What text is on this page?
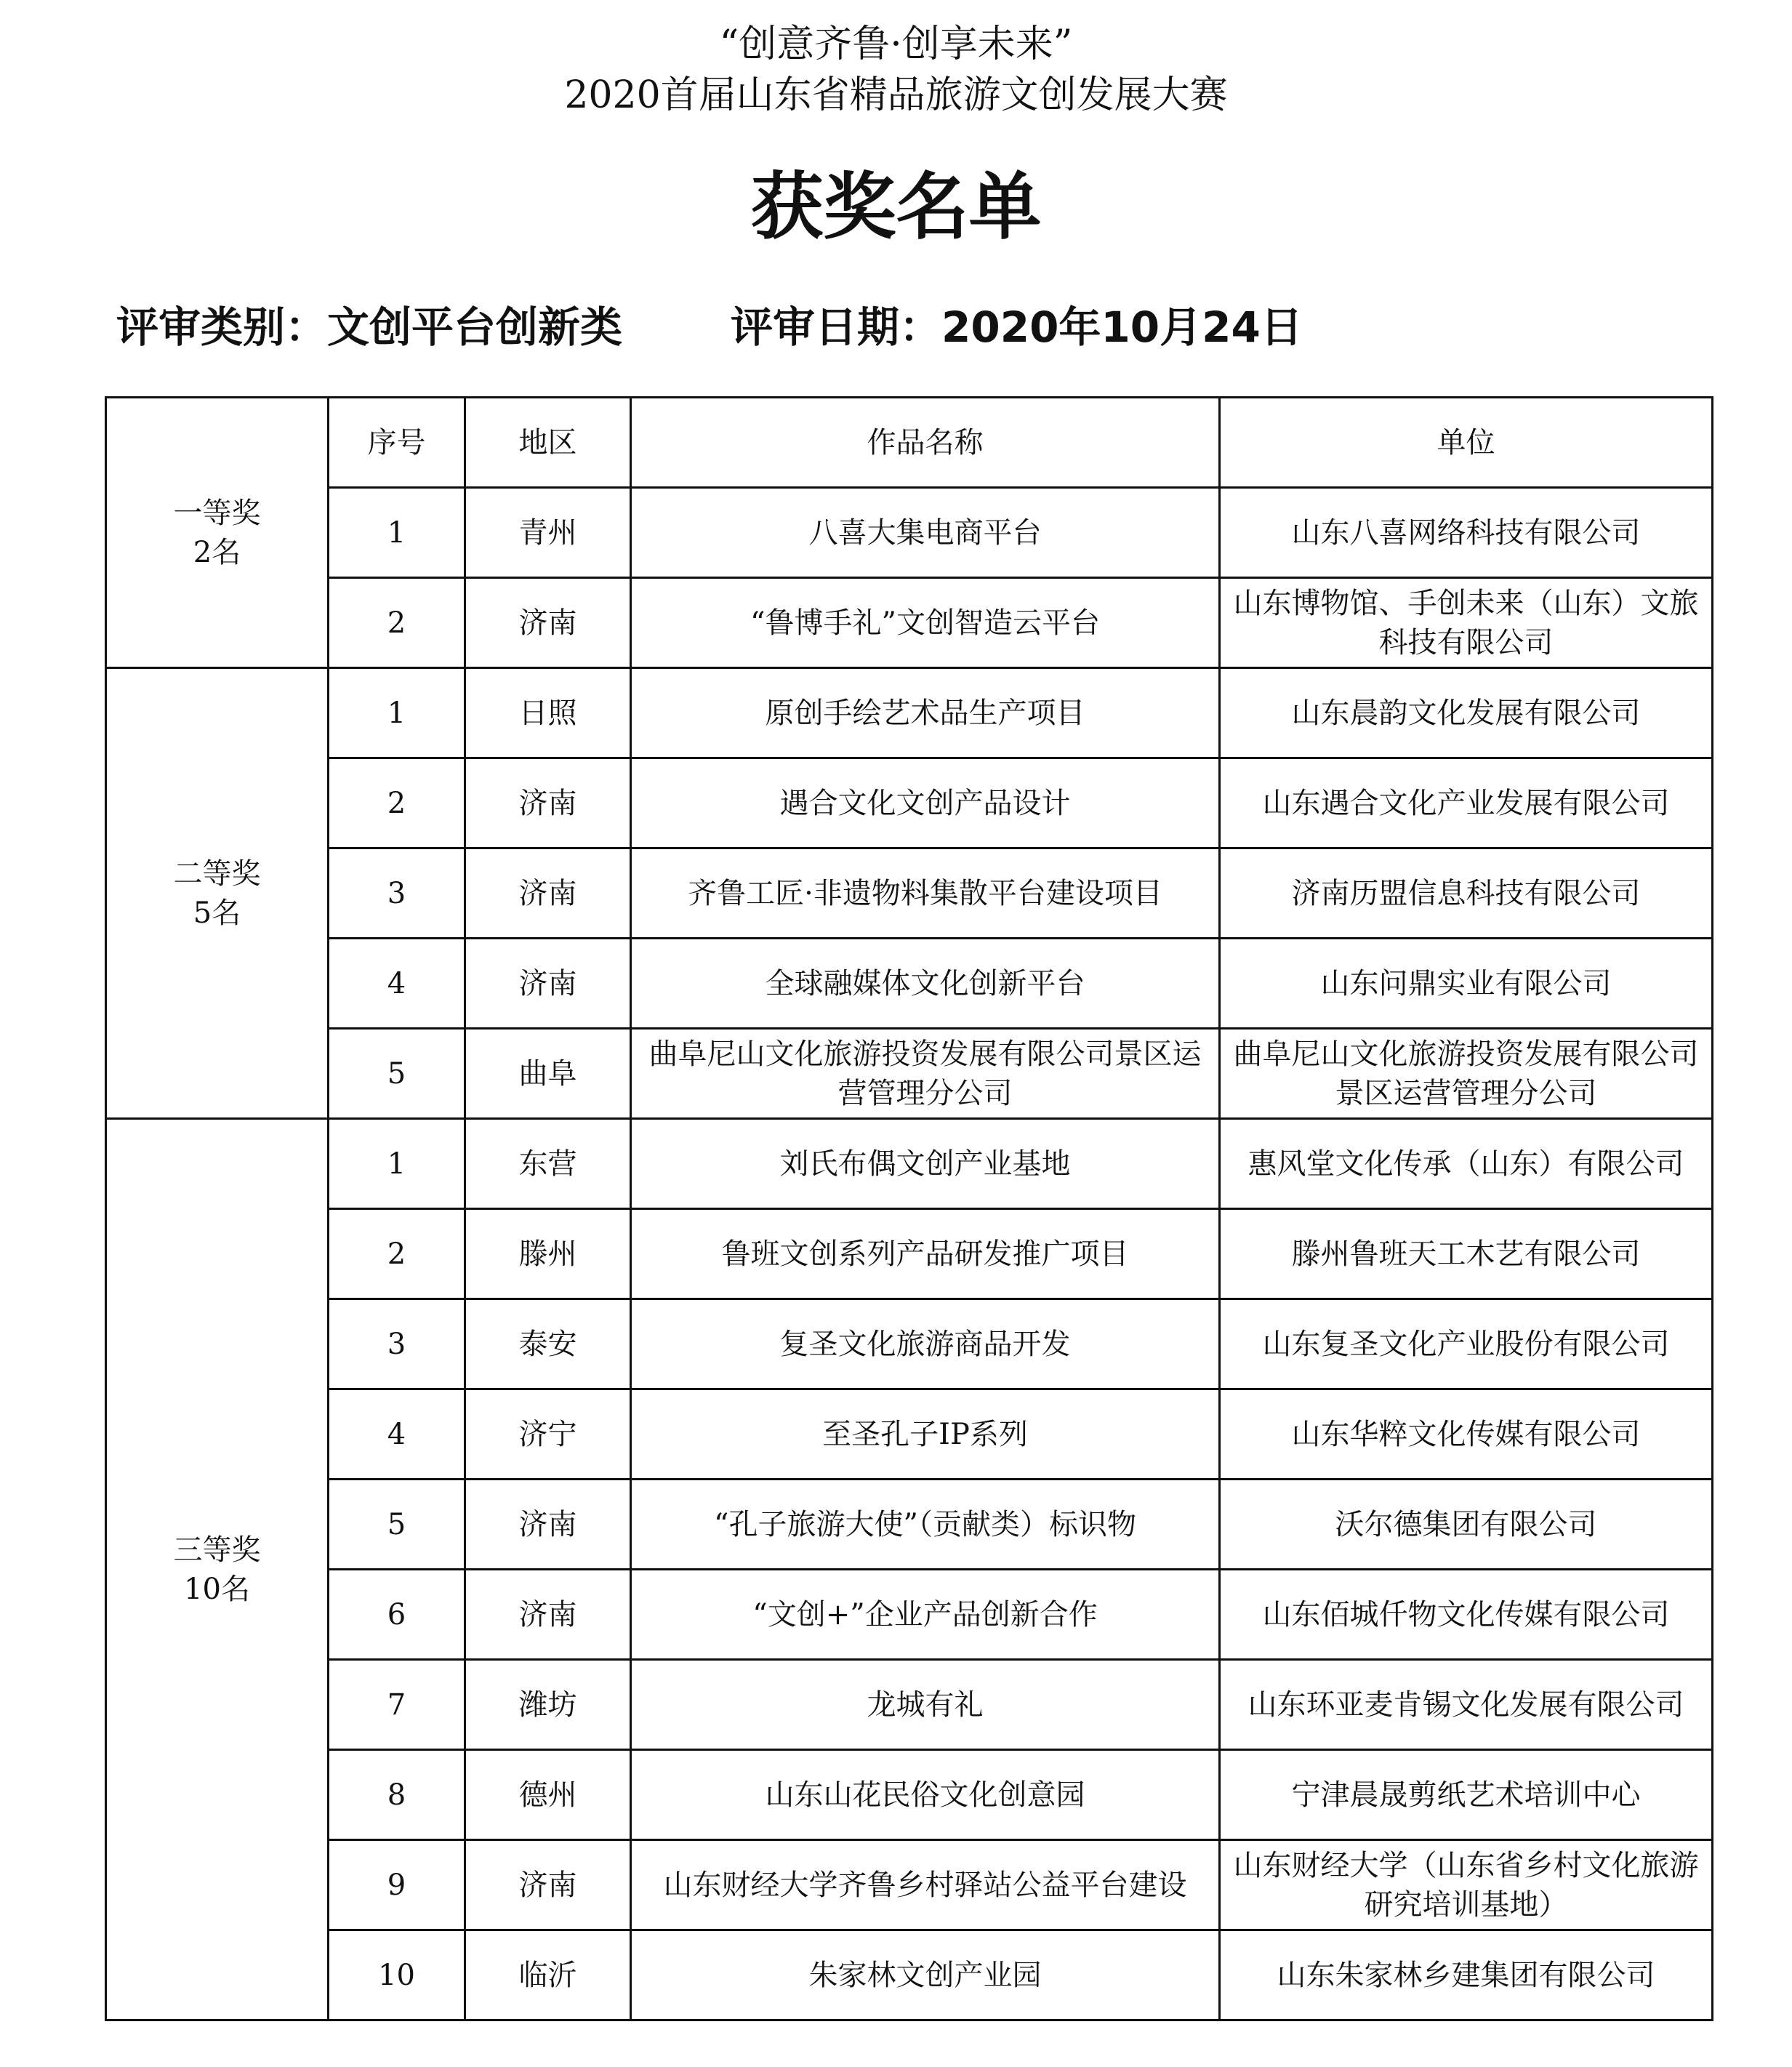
“创意齐鲁·创享未来”
2020首届山东省精品旅游文创发展大赛
获奖名单
评审类别：文创平台创新类	评审日期：2020年10月24日
一等奖
2名	序号	地区	作品名称	单位
	1	青州	八喜大集电商平台	山东八喜网络科技有限公司
	2	济南	“鲁博手礼”文创智造云平台	山东博物馆、手创未来（山东）文旅科技有限公司

二等奖
5名	1	日照	原创手绘艺术品生产项目	山东晨韵文化发展有限公司
	2	济南	遇合文化文创产品设计	山东遇合文化产业发展有限公司
	3	济南	齐鲁工匠·非遗物料集散平台建设项目	济南历盟信息科技有限公司
	4	济南	全球融媒体文化创新平台	山东问鼎实业有限公司
	5	曲阜	曲阜尼山文化旅游投资发展有限公司景区运营管理分公司	曲阜尼山文化旅游投资发展有限公司景区运营管理分公司

三等奖
10名	1	东营	刘氏布偶文创产业基地	惠风堂文化传承（山东）有限公司
	2	滕州	鲁班文创系列产品研发推广项目	滕州鲁班天工木艺有限公司
	3	泰安	复圣文化旅游商品开发	山东复圣文化产业股份有限公司
	4	济宁	至圣孔子IP系列	山东华粹文化传媒有限公司
	5	济南	“孔子旅游大使”（贡献类）标识物	沃尔德集团有限公司
	6	济南	“文创+”企业产品创新合作	山东佰城仟物文化传媒有限公司
	7	潍坊	龙城有礼	山东环亚麦肯锡文化发展有限公司
	8	德州	山东山花民俗文化创意园	宁津晨晟剪纸艺术培训中心
	9	济南	山东财经大学齐鲁乡村驿站公益平台建设	山东财经大学（山东省乡村文化旅游研究培训基地）
	10	临沂	朱家林文创产业园	山东朱家林乡建集团有限公司
